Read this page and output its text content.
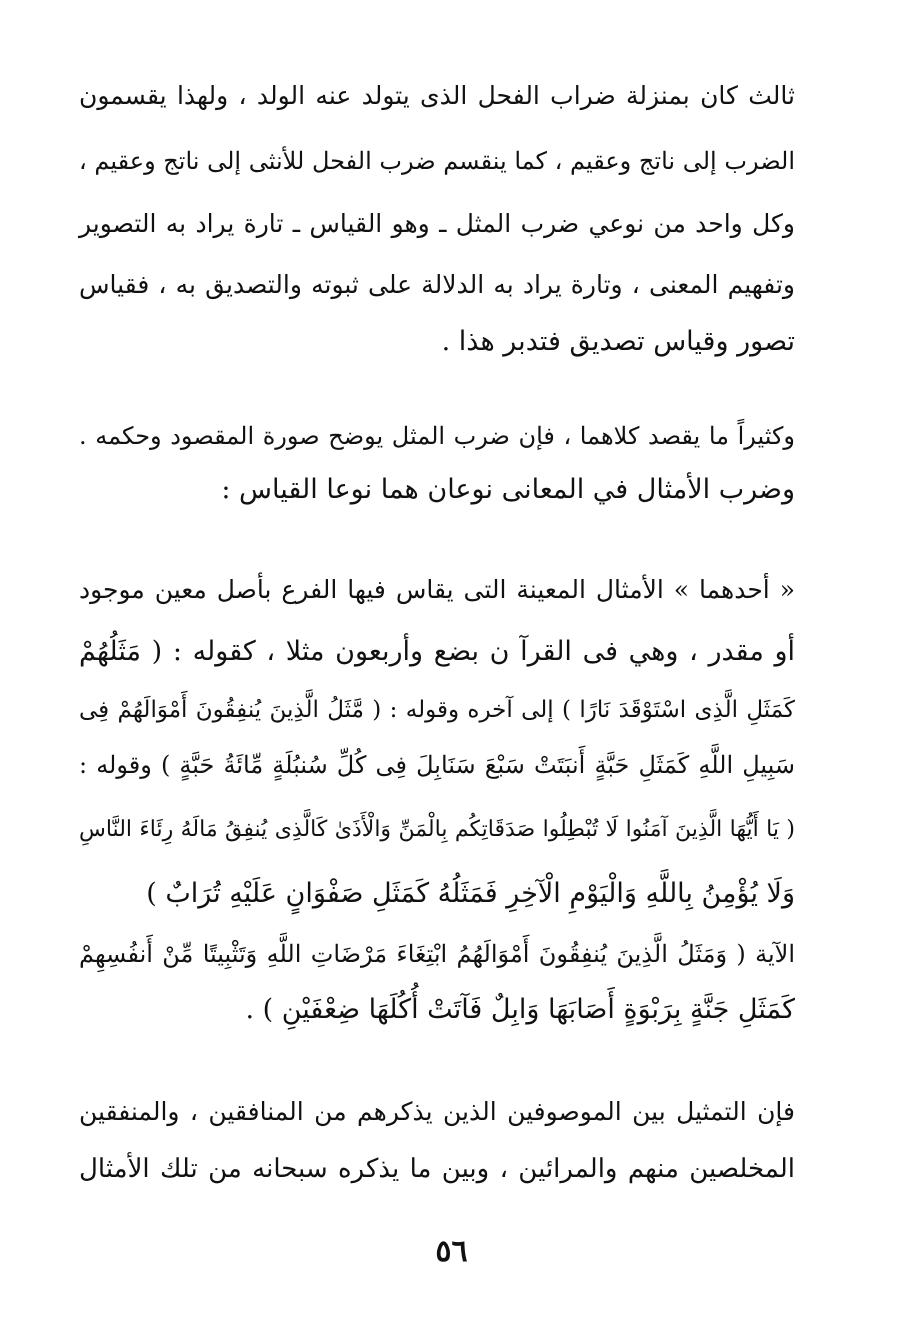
ثالث كان بمنزلة ضراب الفحل الذى يتولد عنه الولد ، ولهذا يقسمون
الضرب إلى ناتج وعقيم ، كما ينقسم ضرب الفحل للأنثى إلى ناتج وعقيم ،
وكل واحد من نوعي ضرب المثل ـ وهو القياس ـ تارة يراد به التصوير
وتفهيم المعنى ، وتارة يراد به الدلالة على ثبوته والتصديق به ، فقياس
تصور وقياس تصديق فتدبر هذا .
وكثيراً ما يقصد كلاهما ، فإن ضرب المثل يوضح صورة المقصود وحكمه .
وضرب الأمثال في المعانى نوعان هما نوعا القياس :
« أحدهما » الأمثال المعينة التى يقاس فيها الفرع بأصل معين موجود
أو مقدر ، وهي فى القرآ ن بضع وأربعون مثلا ، كقوله : ( مَثَلُهُمْ
كَمَثَلِ الَّذِى اسْتَوْقَدَ نَارًا ) إلى آخره وقوله : ( مَّثَلُ الَّذِينَ يُنفِقُونَ أَمْوَالَهُمْ فِى
سَبِيلِ اللَّهِ كَمَثَلِ حَبَّةٍ أَنبَتَتْ سَبْعَ سَنَابِلَ فِى كُلِّ سُنبُلَةٍ مِّائَةُ حَبَّةٍ ) وقوله :
( يَا أَيُّهَا الَّذِينَ آمَنُوا لَا تُبْطِلُوا صَدَقَاتِكُم بِالْمَنِّ وَالْأَذَىٰ كَالَّذِى يُنفِقُ مَالَهُ رِئَاءَ النَّاسِ
وَلَا يُؤْمِنُ بِاللَّهِ وَالْيَوْمِ الْآخِرِ فَمَثَلُهُ كَمَثَلِ صَفْوَانٍ عَلَيْهِ تُرَابٌ )
الآية ( وَمَثَلُ الَّذِينَ يُنفِقُونَ أَمْوَالَهُمُ ابْتِغَاءَ مَرْضَاتِ اللَّهِ وَتَثْبِيتًا مِّنْ أَنفُسِهِمْ
كَمَثَلِ جَنَّةٍ بِرَبْوَةٍ أَصَابَهَا وَابِلٌ فَآتَتْ أُكُلَهَا ضِعْفَيْنِ ) .
فإن التمثيل بين الموصوفين الذين يذكرهم من المنافقين ، والمنفقين
المخلصين منهم والمرائين ، وبين ما يذكره سبحانه من تلك الأمثال
٥٦
